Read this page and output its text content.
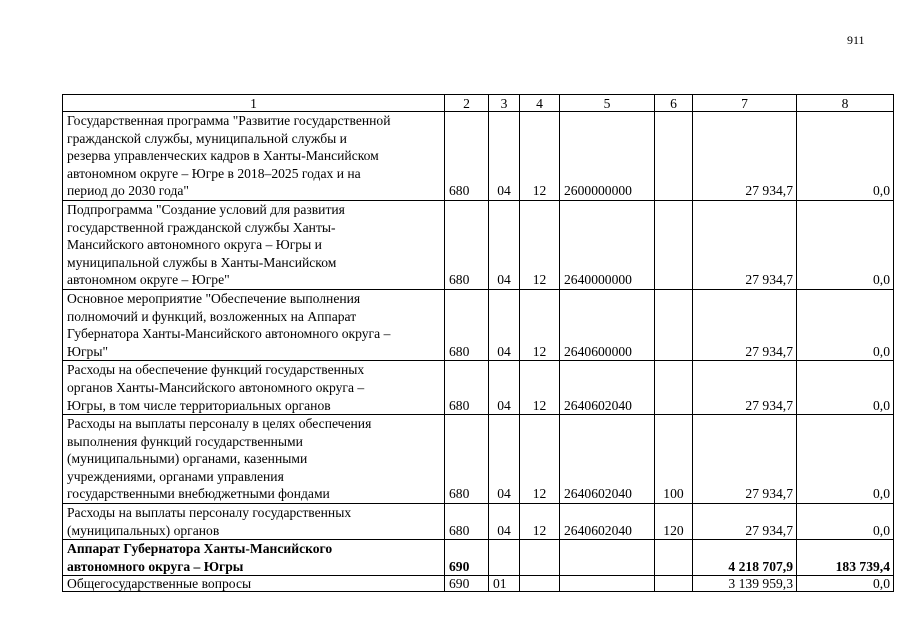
911
1	2	3	4	5	6	7	8
Государственная программа "Развитие государственной
гражданской службы, муниципальной службы и
резерва управленческих кадров в Ханты-Мансийском
автономном округе – Югре в 2018–2025 годах и на
период до 2030 года"	680	04	12	2600000000		27 934,7	0,0
Подпрограмма "Создание условий для развития
государственной гражданской службы Ханты-
Мансийского автономного округа – Югры и
муниципальной службы в Ханты-Мансийском
автономном округе – Югре"	680	04	12	2640000000		27 934,7	0,0
Основное мероприятие "Обеспечение выполнения
полномочий и функций, возложенных на Аппарат
Губернатора Ханты-Мансийского автономного округа –
Югры"	680	04	12	2640600000		27 934,7	0,0
Расходы на обеспечение функций государственных
органов Ханты-Мансийского автономного округа –
Югры, в том числе территориальных органов	680	04	12	2640602040		27 934,7	0,0
Расходы на выплаты персоналу в целях обеспечения
выполнения функций государственными
(муниципальными) органами, казенными
учреждениями, органами управления
государственными внебюджетными фондами	680	04	12	2640602040	100	27 934,7	0,0
Расходы на выплаты персоналу государственных
(муниципальных) органов	680	04	12	2640602040	120	27 934,7	0,0
Аппарат Губернатора Ханты-Мансийского
автономного округа – Югры	690					4 218 707,9	183 739,4
Общегосударственные вопросы	690	01				3 139 959,3	0,0
